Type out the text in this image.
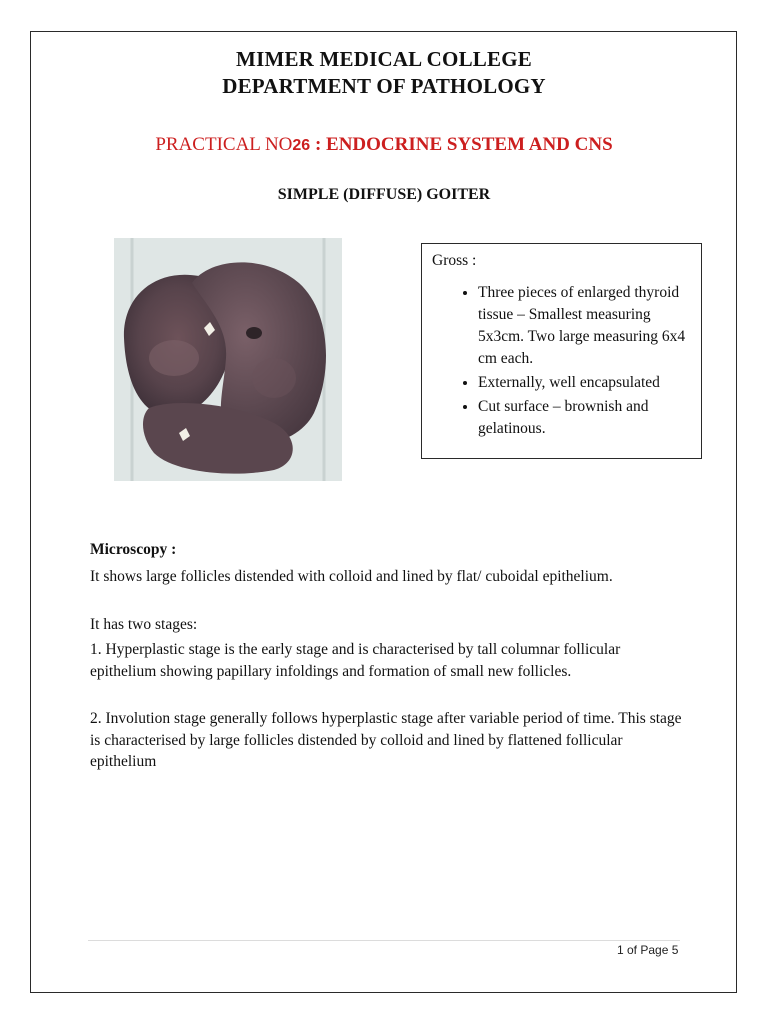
MIMER MEDICAL COLLEGE
DEPARTMENT OF PATHOLOGY
PRACTICAL NO26 : ENDOCRINE SYSTEM AND CNS
SIMPLE (DIFFUSE) GOITER
Gross :
• Three pieces of enlarged thyroid tissue – Smallest measuring 5x3cm. Two large measuring 6x4 cm each.
• Externally, well encapsulated
• Cut surface – brownish and gelatinous.
Microscopy :
It shows large follicles distended with colloid and lined by flat/ cuboidal epithelium.
It has two stages:
1. Hyperplastic stage is the early stage and is characterised by tall columnar follicular epithelium showing papillary infoldings and formation of small new follicles.
2. Involution stage generally follows hyperplastic stage after variable period of time. This stage is characterised by large follicles distended by colloid and lined by flattened follicular epithelium
1 of Page 5
